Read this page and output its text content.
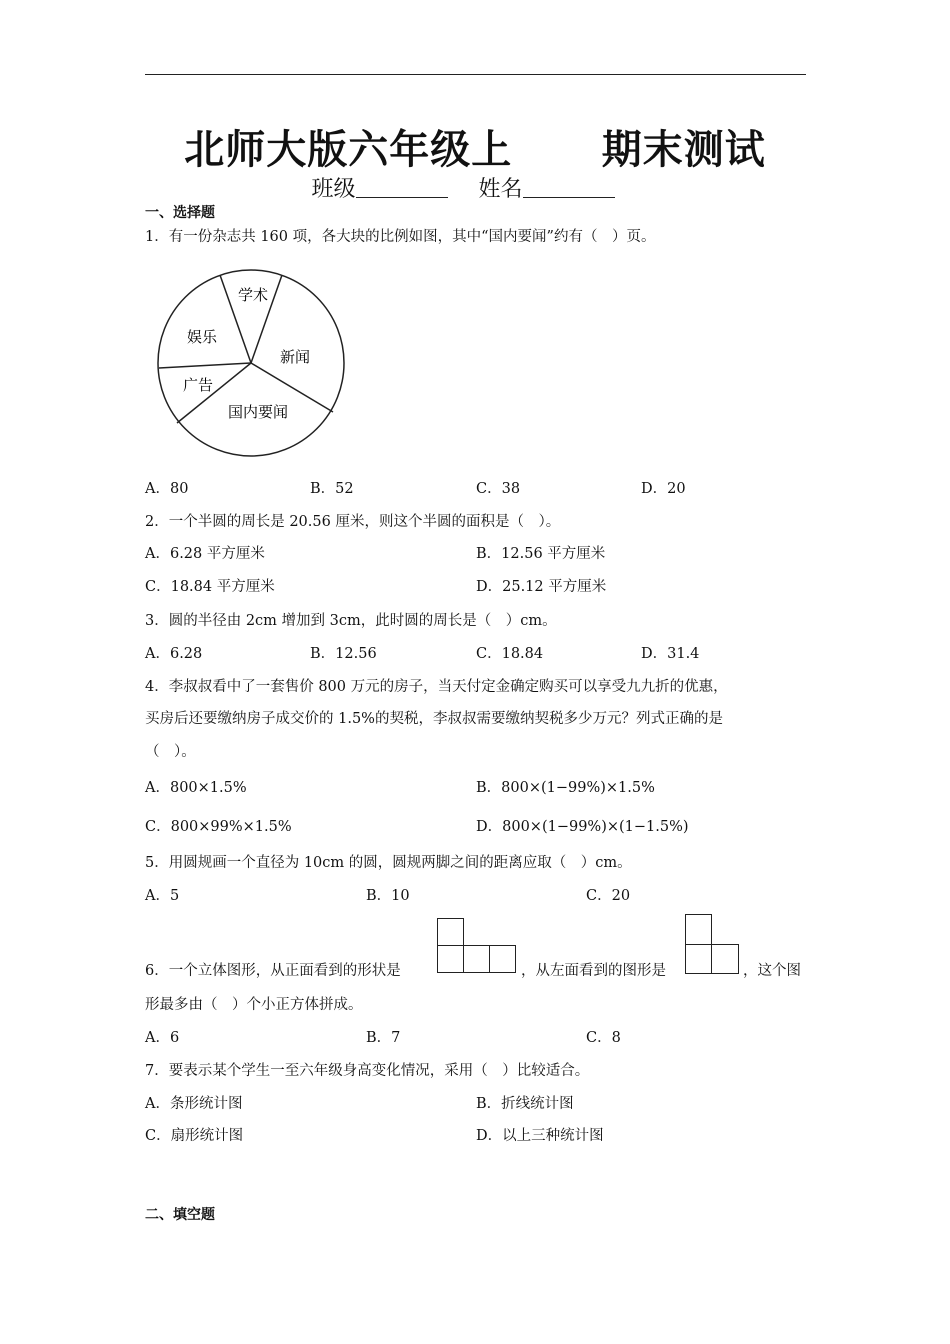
北师大版六年级上      期末测试
班级	姓名
一、选择题
1．有一份杂志共 160 项，各大块的比例如图，其中“国内要闻”约有（　）页。
学术
新闻
国内要闻
广告
娱乐
A．80	B．52	C．38	D．20
2．一个半圆的周长是 20.56 厘米，则这个半圆的面积是（　）。
A．6.28 平方厘米	B．12.56 平方厘米
C．18.84 平方厘米	D．25.12 平方厘米
3．圆的半径由 2cm 增加到 3cm，此时圆的周长是（　）cm。
A．6.28	B．12.56	C．18.84	D．31.4
4．李叔叔看中了一套售价 800 万元的房子，当天付定金确定购买可以享受九九折的优惠，
买房后还要缴纳房子成交价的 1.5%的契税，李叔叔需要缴纳契税多少万元？列式正确的是
（　）。
A．800×1.5%	B．800×(1−99%)×1.5%
C．800×99%×1.5%	D．800×(1−99%)×(1−1.5%)
5．用圆规画一个直径为 10cm 的圆，圆规两脚之间的距离应取（　）cm。
A．5	B．10	C．20
6．一个立体图形，从正面看到的形状是	，从左面看到的图形是	，这个图
形最多由（　）个小正方体拼成。
A．6	B．7	C．8
7．要表示某个学生一至六年级身高变化情况，采用（　）比较适合。
A．条形统计图	B．折线统计图
C．扇形统计图	D．以上三种统计图
二、填空题
